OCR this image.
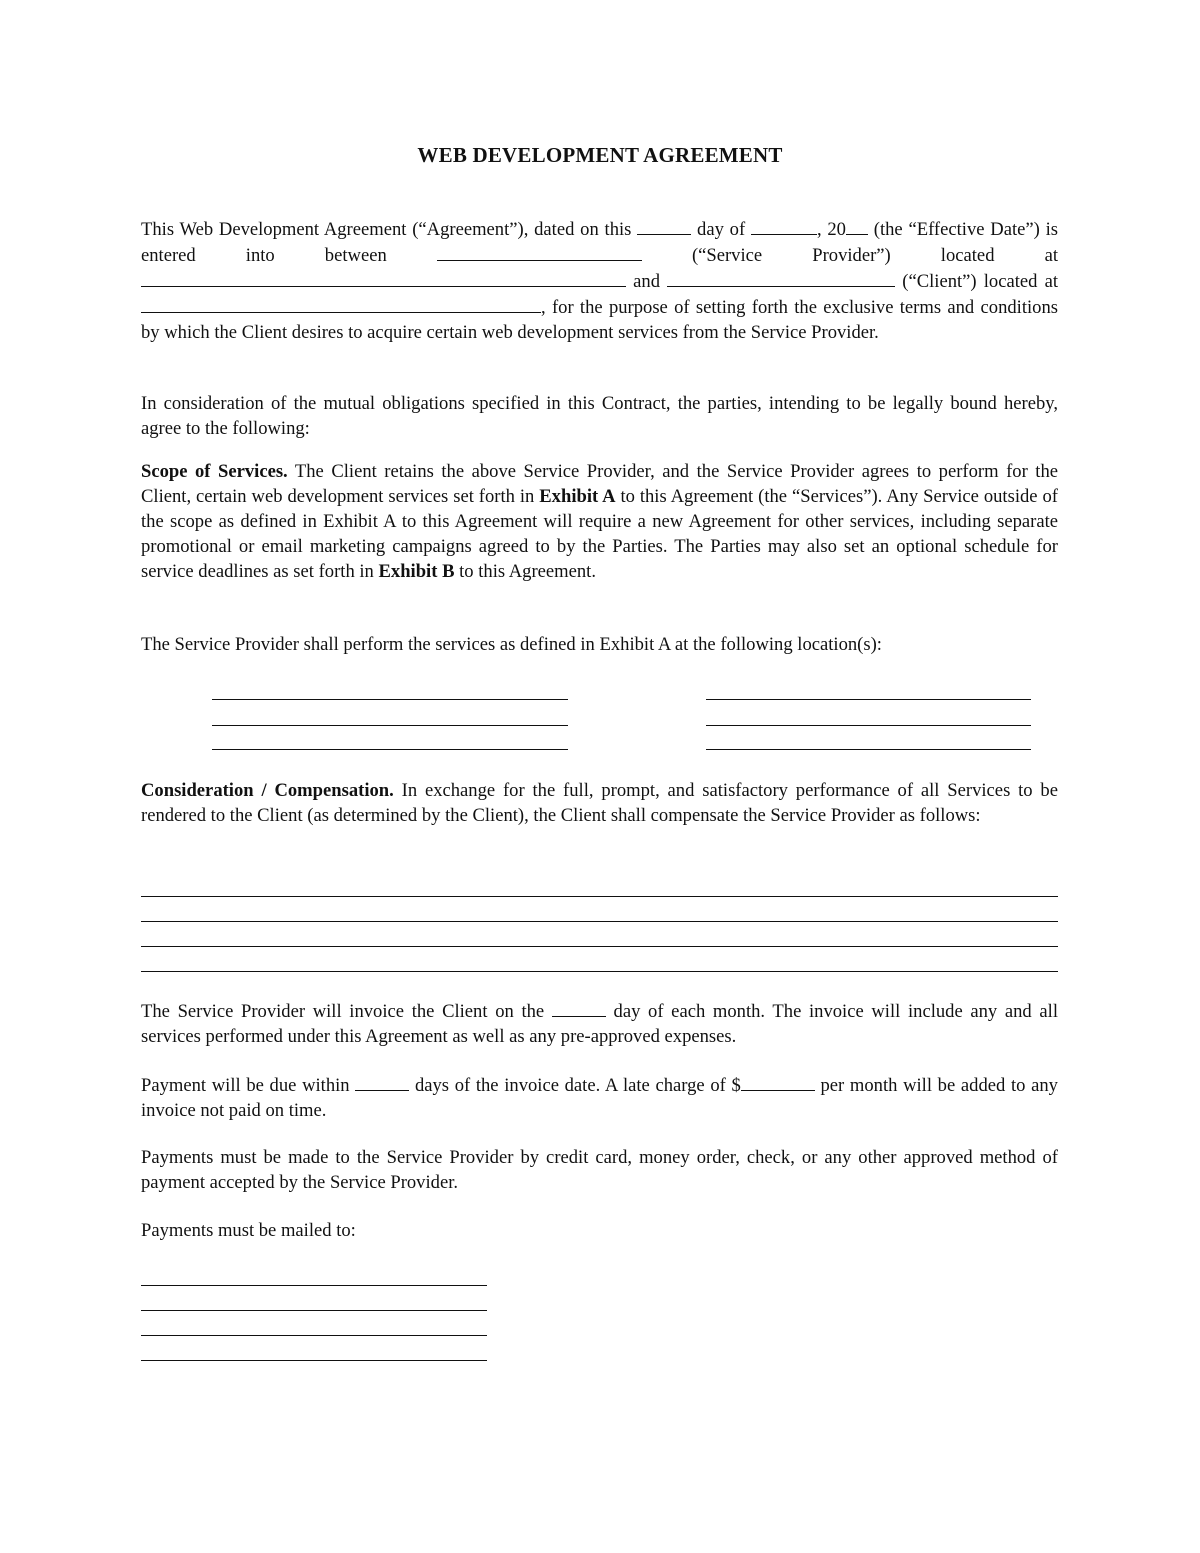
WEB DEVELOPMENT AGREEMENT
This Web Development Agreement (“Agreement”), dated on this	day of	, 20 (the “Effective Date”) is entered into between	(“Service Provider”) located at  and	(“Client”) located at , for the purpose of setting forth the exclusive terms and conditions by which the Client desires to acquire certain web development services from the Service Provider.
In consideration of the mutual obligations specified in this Contract, the parties, intending to be legally bound hereby, agree to the following:
Scope of Services. The Client retains the above Service Provider, and the Service Provider agrees to perform for the Client, certain web development services set forth in Exhibit A to this Agreement (the “Services”). Any Service outside of the scope as defined in Exhibit A to this Agreement will require a new Agreement for other services, including separate promotional or email marketing campaigns agreed to by the Parties. The Parties may also set an optional schedule for service deadlines as set forth in Exhibit B to this Agreement.
The Service Provider shall perform the services as defined in Exhibit A at the following location(s):
Consideration / Compensation. In exchange for the full, prompt, and satisfactory performance of all Services to be rendered to the Client (as determined by the Client), the Client shall compensate the Service Provider as follows:
The Service Provider will invoice the Client on the	day of each month. The invoice will include any and all services performed under this Agreement as well as any pre-approved expenses.
Payment will be due within	days of the invoice date. A late charge of $	per month will be added to any invoice not paid on time.
Payments must be made to the Service Provider by credit card, money order, check, or any other approved method of payment accepted by the Service Provider.
Payments must be mailed to:
